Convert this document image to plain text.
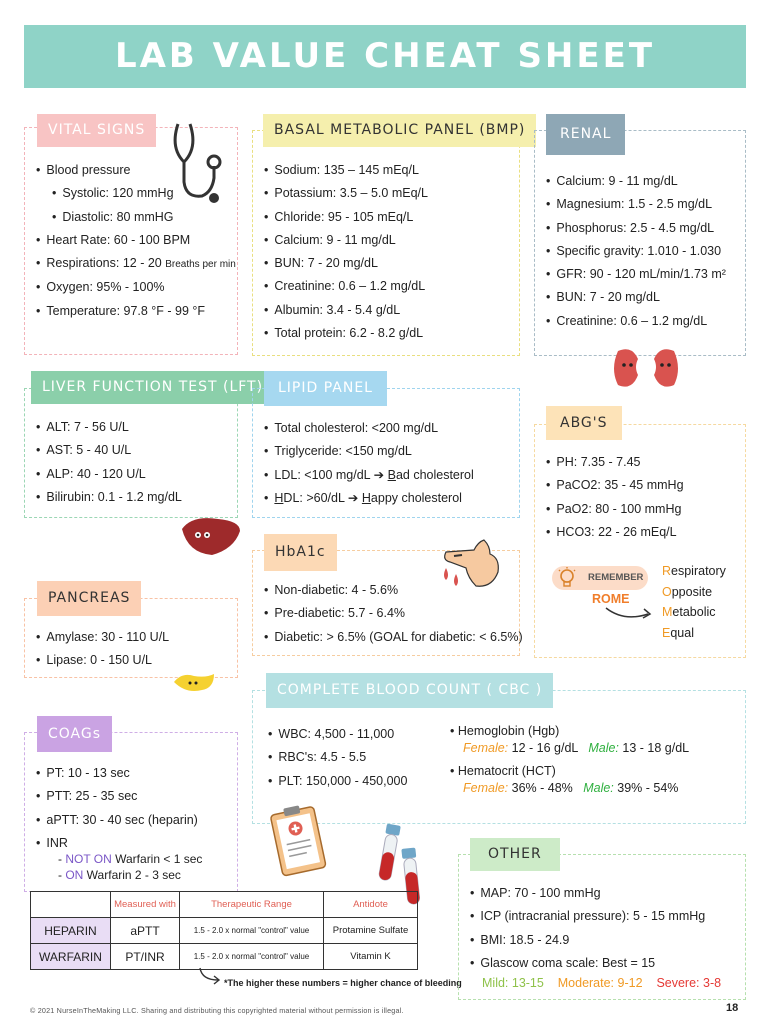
LAB VALUE CHEAT SHEET
VITAL SIGNS
• Blood pressure
• Systolic: 120 mmHg
• Diastolic: 80 mmHG
• Heart Rate: 60 - 100 BPM
• Respirations: 12 - 20 Breaths per min
• Oxygen: 95% - 100%
• Temperature: 97.8 °F - 99 °F
BASAL METABOLIC PANEL (BMP)
• Sodium: 135 – 145 mEq/L
• Potassium: 3.5 – 5.0 mEq/L
• Chloride: 95 - 105 mEq/L
• Calcium: 9 - 11 mg/dL
• BUN: 7 - 20 mg/dL
• Creatinine: 0.6 – 1.2 mg/dL
• Albumin: 3.4 - 5.4 g/dL
• Total protein: 6.2 - 8.2 g/dL
RENAL
• Calcium: 9 - 11 mg/dL
• Magnesium: 1.5 - 2.5 mg/dL
• Phosphorus: 2.5 - 4.5 mg/dL
• Specific gravity: 1.010 - 1.030
• GFR: 90 - 120 mL/min/1.73 m²
• BUN: 7 - 20 mg/dL
• Creatinine: 0.6 – 1.2 mg/dL
LIVER FUNCTION TEST (LFT)
• ALT: 7 - 56 U/L
• AST: 5 - 40 U/L
• ALP: 40 - 120 U/L
• Bilirubin: 0.1 - 1.2 mg/dL
LIPID PANEL
• Total cholesterol: <200 mg/dL
• Triglyceride: <150 mg/dL
• LDL: <100 mg/dL ➔ Bad cholesterol
• HDL: >60/dL ➔ Happy cholesterol
ABG'S
• PH: 7.35 - 7.45
• PaCO2: 35 - 45 mmHg
• PaO2: 80 - 100 mmHg
• HCO3: 22 - 26 mEq/L
REMEMBER
ROME
Respiratory
Opposite
Metabolic
Equal
HbA1c
• Non-diabetic: 4 - 5.6%
• Pre-diabetic: 5.7 - 6.4%
• Diabetic: > 6.5% (GOAL for diabetic: < 6.5%)
PANCREAS
• Amylase: 30 - 110 U/L
• Lipase: 0 - 150 U/L
COMPLETE BLOOD COUNT ( CBC )
• WBC: 4,500 - 11,000
• RBC's: 4.5 - 5.5
• PLT: 150,000 - 450,000
• Hemoglobin (Hgb)
Female: 12 - 16 g/dL Male: 13 - 18 g/dL
• Hematocrit (HCT)
Female: 36% - 48% Male: 39% - 54%
COAGs
• PT: 10 - 13 sec
• PTT: 25 - 35 sec
• aPTT: 30 - 40 sec (heparin)
• INR
- NOT ON Warfarin < 1 sec
- ON Warfarin 2 - 3 sec
	Measured with	Therapeutic Range	Antidote
HEPARIN	aPTT	1.5 - 2.0 x normal "control" value	Protamine Sulfate
WARFARIN	PT/INR	1.5 - 2.0 x normal "control" value	Vitamin K
*The higher these numbers = higher chance of bleeding
OTHER
• MAP: 70 - 100 mmHg
• ICP (intracranial pressure): 5 - 15 mmHg
• BMI: 18.5 - 24.9
• Glascow coma scale: Best = 15
Mild: 13-15 Moderate: 9-12 Severe: 3-8
© 2021 NurseInTheMaking LLC. Sharing and distributing this copyrighted material without permission is illegal.	18
